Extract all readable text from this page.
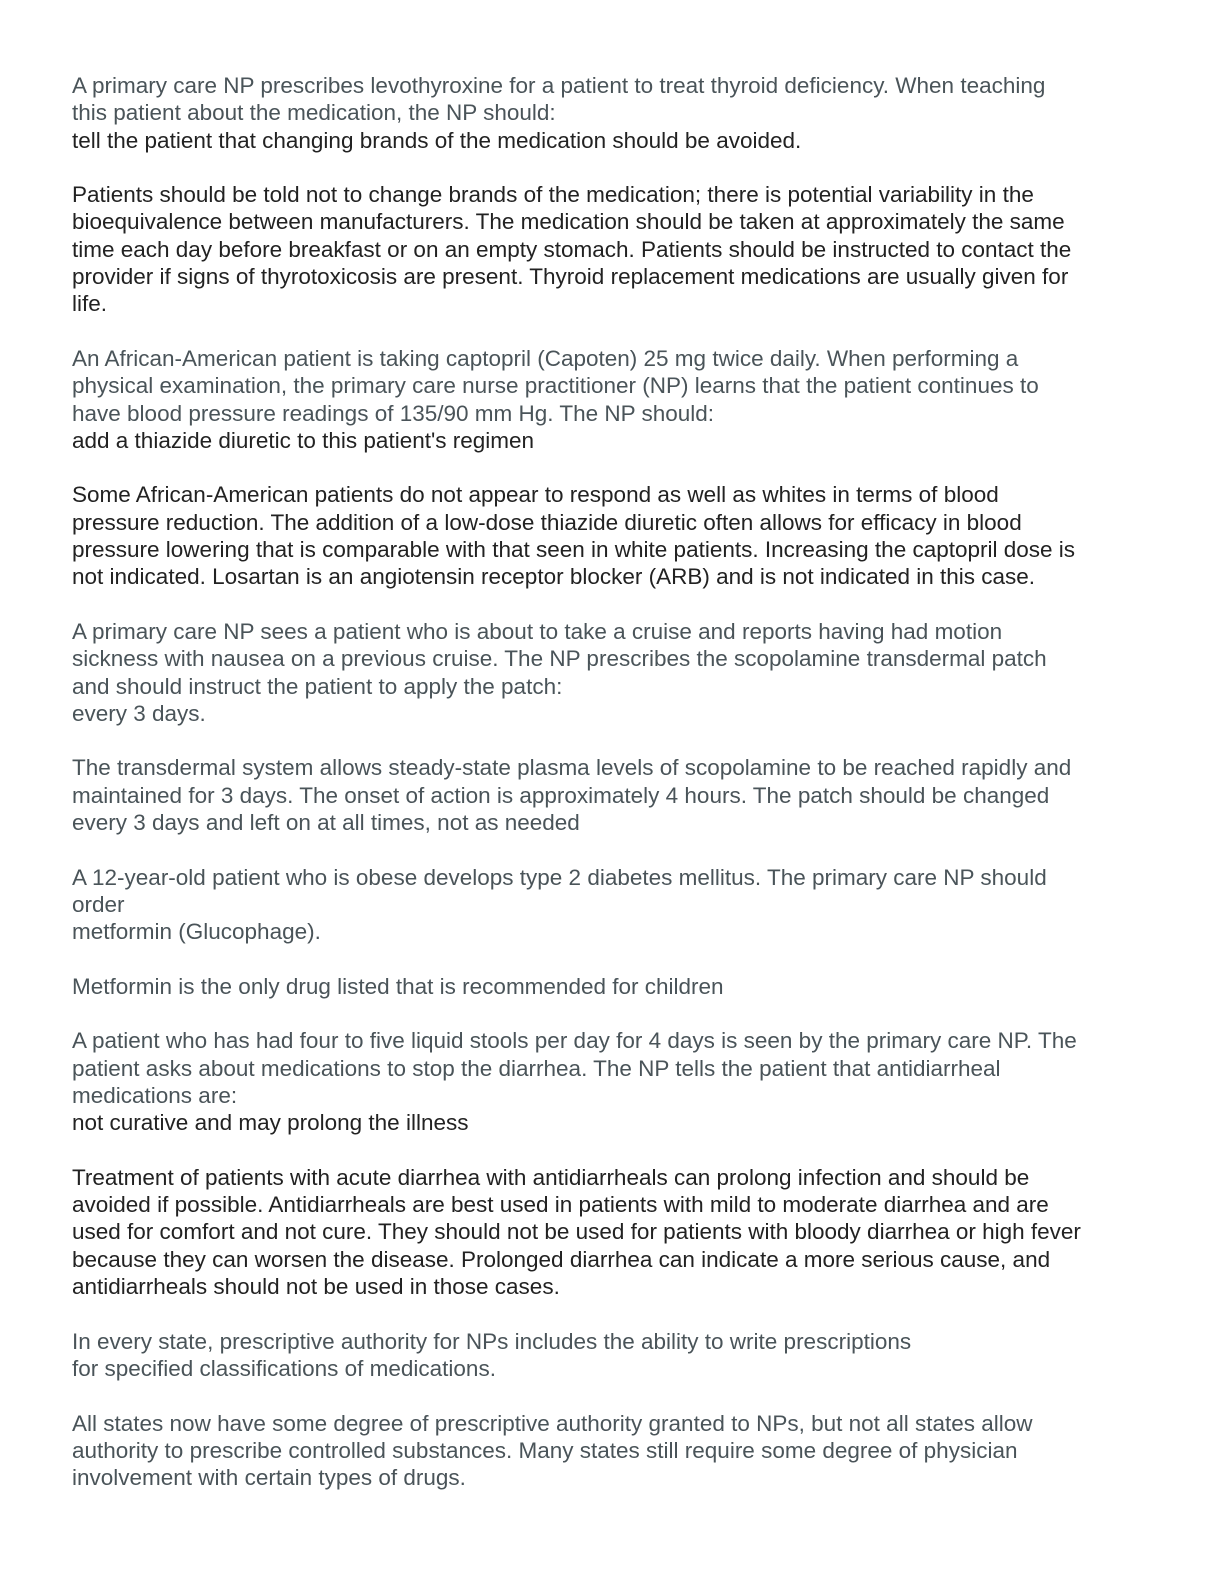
A primary care NP prescribes levothyroxine for a patient to treat thyroid deficiency. When teaching
this patient about the medication, the NP should:

tell the patient that changing brands of the medication should be avoided.

Patients should be told not to change brands of the medication; there is potential variability in the
bioequivalence between manufacturers. The medication should be taken at approximately the same
time each day before breakfast or on an empty stomach. Patients should be instructed to contact the
provider if signs of thyrotoxicosis are present. Thyroid replacement medications are usually given for
life.

An African-American patient is taking captopril (Capoten) 25 mg twice daily. When performing a
physical examination, the primary care nurse practitioner (NP) learns that the patient continues to
have blood pressure readings of 135/90 mm Hg. The NP should:

add a thiazide diuretic to this patient's regimen

Some African-American patients do not appear to respond as well as whites in terms of blood
pressure reduction. The addition of a low-dose thiazide diuretic often allows for efficacy in blood
pressure lowering that is comparable with that seen in white patients. Increasing the captopril dose is
not indicated. Losartan is an angiotensin receptor blocker (ARB) and is not indicated in this case.

A primary care NP sees a patient who is about to take a cruise and reports having had motion
sickness with nausea on a previous cruise. The NP prescribes the scopolamine transdermal patch
and should instruct the patient to apply the patch:

every 3 days.

The transdermal system allows steady-state plasma levels of scopolamine to be reached rapidly and
maintained for 3 days. The onset of action is approximately 4 hours. The patch should be changed
every 3 days and left on at all times, not as needed

A 12-year-old patient who is obese develops type 2 diabetes mellitus. The primary care NP should
order

metformin (Glucophage).

Metformin is the only drug listed that is recommended for children

A patient who has had four to five liquid stools per day for 4 days is seen by the primary care NP. The
patient asks about medications to stop the diarrhea. The NP tells the patient that antidiarrheal
medications are:

not curative and may prolong the illness

Treatment of patients with acute diarrhea with antidiarrheals can prolong infection and should be
avoided if possible. Antidiarrheals are best used in patients with mild to moderate diarrhea and are
used for comfort and not cure. They should not be used for patients with bloody diarrhea or high fever
because they can worsen the disease. Prolonged diarrhea can indicate a more serious cause, and
antidiarrheals should not be used in those cases.

In every state, prescriptive authority for NPs includes the ability to write prescriptions

for specified classifications of medications.

All states now have some degree of prescriptive authority granted to NPs, but not all states allow
authority to prescribe controlled substances. Many states still require some degree of physician
involvement with certain types of drugs.
